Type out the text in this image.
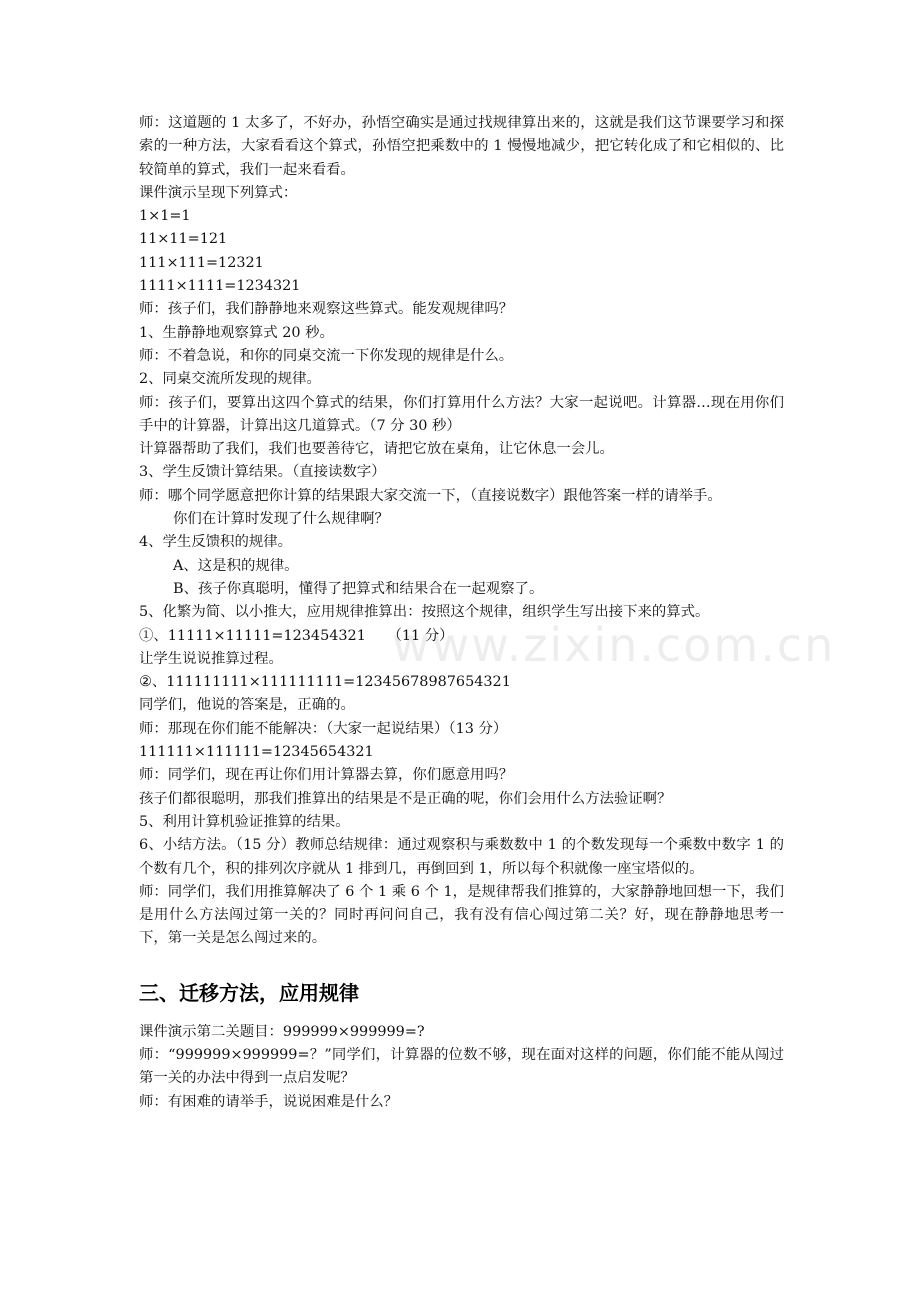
www.zixin.com.cn

师：这道题的 1 太多了，不好办，孙悟空确实是通过找规律算出来的，这就是我们这节课要学习和探索的一种方法，大家看看这个算式，孙悟空把乘数中的 1 慢慢地减少，把它转化成了和它相似的、比较简单的算式，我们一起来看看。

课件演示呈现下列算式：

1×1=1

11×11=121

111×111=12321

1111×1111=1234321

师：孩子们，我们静静地来观察这些算式。能发观规律吗？

1、生静静地观察算式 20 秒。

师：不着急说，和你的同桌交流一下你发现的规律是什么。

2、同桌交流所发现的规律。

师：孩子们，要算出这四个算式的结果，你们打算用什么方法？大家一起说吧。计算器…现在用你们手中的计算器，计算出这几道算式。（7 分 30 秒）

计算器帮助了我们，我们也要善待它，请把它放在桌角，让它休息一会儿。

3、学生反馈计算结果。（直接读数字）

师：哪个同学愿意把你计算的结果跟大家交流一下，（直接说数字）跟他答案一样的请举手。

你们在计算时发现了什么规律啊？

4、学生反馈积的规律。

A、这是积的规律。

B、孩子你真聪明，懂得了把算式和结果合在一起观察了。

5、化繁为简、以小推大，应用规律推算出：按照这个规律，组织学生写出接下来的算式。

①、11111×11111=123454321　　（11 分）

让学生说说推算过程。

②、111111111×111111111=12345678987654321

同学们，他说的答案是，正确的。

师：那现在你们能不能解决：（大家一起说结果）（13 分）

111111×111111=12345654321

师：同学们，现在再让你们用计算器去算，你们愿意用吗？

孩子们都很聪明，那我们推算出的结果是不是正确的呢，你们会用什么方法验证啊？

5、利用计算机验证推算的结果。

6、小结方法。（15 分）教师总结规律：通过观察积与乘数数中 1 的个数发现每一个乘数中数字 1 的个数有几个，积的排列次序就从 1 排到几，再倒回到 1，所以每个积就像一座宝塔似的。

师：同学们，我们用推算解决了 6 个 1 乘 6 个 1，是规律帮我们推算的，大家静静地回想一下，我们是用什么方法闯过第一关的？同时再问问自己，我有没有信心闯过第二关？好，现在静静地思考一下，第一关是怎么闯过来的。

三、迁移方法，应用规律

课件演示第二关题目：999999×999999=?

师：“999999×999999=？”同学们，计算器的位数不够，现在面对这样的问题，你们能不能从闯过第一关的办法中得到一点启发呢？

师：有困难的请举手，说说困难是什么？
